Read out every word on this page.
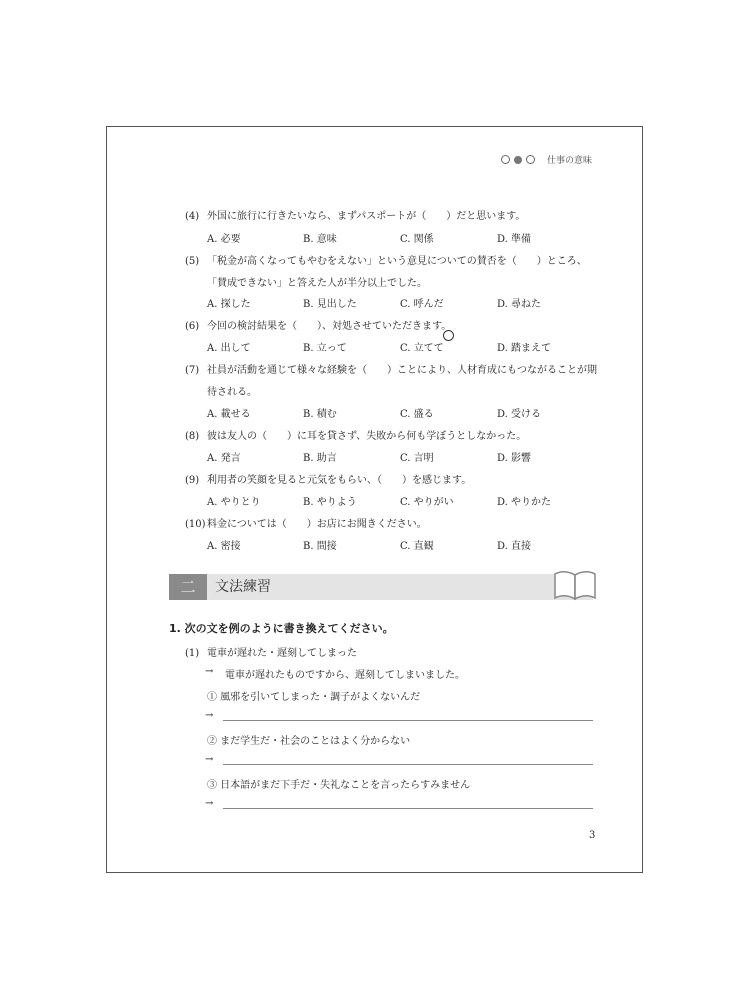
仕事の意味
(4) 外国に旅行に行きたいなら、まずパスポートが（　　）だと思います。
A. 必要	B. 意味	C. 関係	D. 準備
(5) 「税金が高くなってもやむをえない」という意見についての賛否を（　　）ところ、
「賛成できない」と答えた人が半分以上でした。
A. 探した	B. 見出した	C. 呼んだ	D. 尋ねた
(6) 今回の検討結果を（　　）、対処させていただきます。
A. 出して	B. 立って	C. 立てて	D. 踏まえて
(7) 社員が活動を通じて様々な経験を（　　）ことにより、人材育成にもつながることが期
待される。
A. 載せる	B. 積む	C. 盛る	D. 受ける
(8) 彼は友人の（　　）に耳を貸さず、失敗から何も学ぼうとしなかった。
A. 発言	B. 助言	C. 言明	D. 影響
(9) 利用者の笑顔を見ると元気をもらい、（　　）を感じます。
A. やりとり	B. やりよう	C. やりがい	D. やりかた
(10)料金については（　　）お店にお聞きください。
A. 密接	B. 間接	C. 直観	D. 直接
二	文法練習
1. 次の文を例のように書き換えてください。
(1) 電車が遅れた・遅刻してしまった
→ 電車が遅れたものですから、遅刻してしまいました。
① 風邪を引いてしまった・調子がよくないんだ
→
② まだ学生だ・社会のことはよく分からない
→
③ 日本語がまだ下手だ・失礼なことを言ったらすみません
→
3
